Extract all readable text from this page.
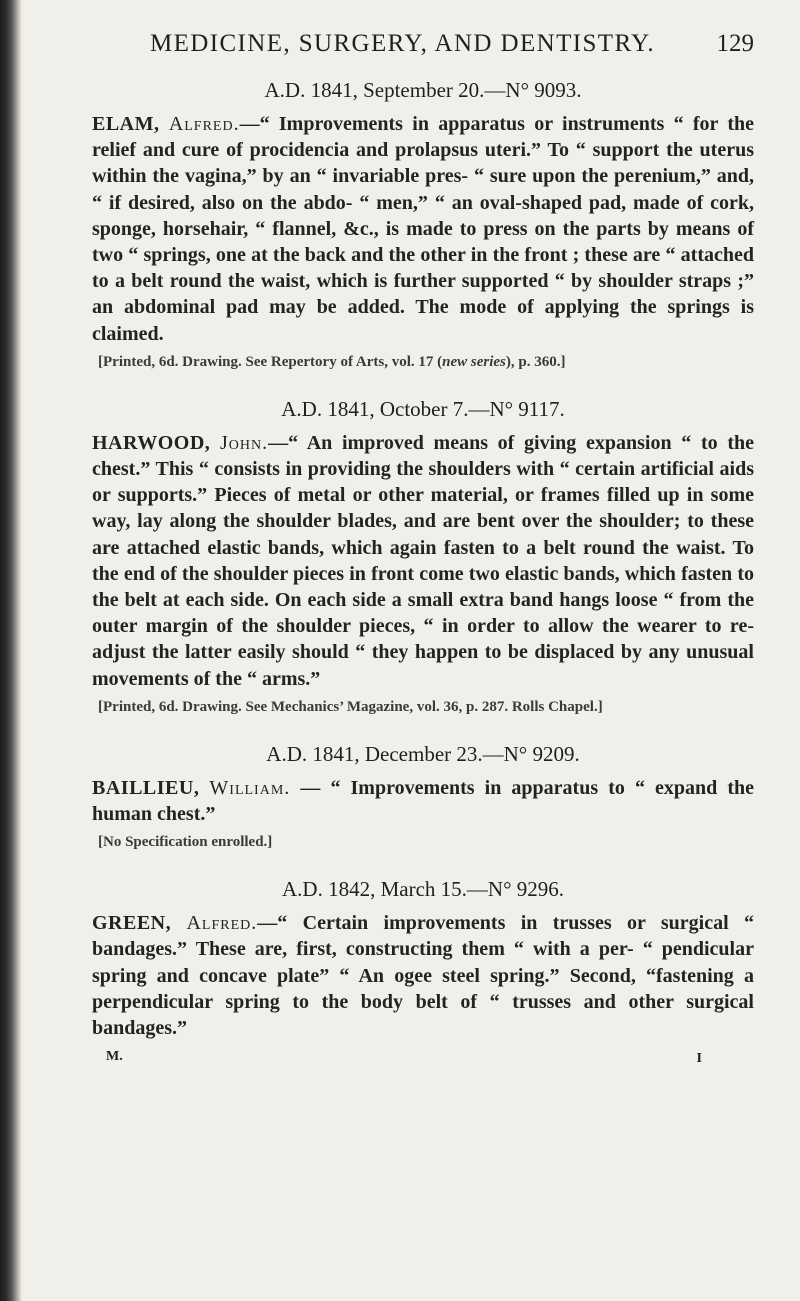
MEDICINE, SURGERY, AND DENTISTRY. 129

A.D. 1841, September 20.—N° 9093.

ELAM, Alfred.—“ Improvements in apparatus or instruments “ for the relief and cure of procidencia and prolapsus uteri.” To “ support the uterus within the vagina,” by an “ invariable pres- “ sure upon the perenium,” and, “ if desired, also on the abdo- “ men,” “ an oval-shaped pad, made of cork, sponge, horsehair, “ flannel, &c., is made to press on the parts by means of two “ springs, one at the back and the other in the front ; these are “ attached to a belt round the waist, which is further supported “ by shoulder straps ;” an abdominal pad may be added. The mode of applying the springs is claimed.

[Printed, 6d. Drawing. See Repertory of Arts, vol. 17 (new series), p. 360.]

A.D. 1841, October 7.—N° 9117.

HARWOOD, John.—“ An improved means of giving expansion “ to the chest.” This “ consists in providing the shoulders with “ certain artificial aids or supports.” Pieces of metal or other material, or frames filled up in some way, lay along the shoulder blades, and are bent over the shoulder; to these are attached elastic bands, which again fasten to a belt round the waist. To the end of the shoulder pieces in front come two elastic bands, which fasten to the belt at each side. On each side a small extra band hangs loose “ from the outer margin of the shoulder pieces, “ in order to allow the wearer to re-adjust the latter easily should “ they happen to be displaced by any unusual movements of the “ arms.”

[Printed, 6d. Drawing. See Mechanics’ Magazine, vol. 36, p. 287. Rolls Chapel.]

A.D. 1841, December 23.—N° 9209.

BAILLIEU, William. — “ Improvements in apparatus to “ expand the human chest.”

[No Specification enrolled.]

A.D. 1842, March 15.—N° 9296.

GREEN, Alfred.—“ Certain improvements in trusses or surgical “ bandages.” These are, first, constructing them “ with a per- “ pendicular spring and concave plate” “ An ogee steel spring.” Second, “fastening a perpendicular spring to the body belt of “ trusses and other surgical bandages.”

M.	I
